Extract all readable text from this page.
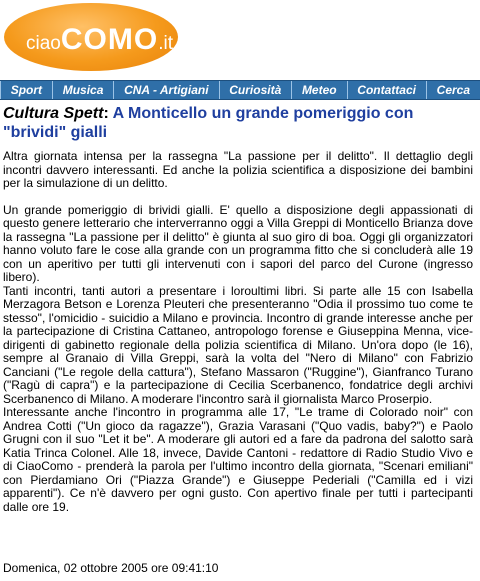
ciaoCOMO.it
Sport	Musica	CNA - Artigiani	Curiosità	Meteo	Contattaci	Cerca
Cultura Spett: A Monticello un grande pomeriggio con "brividi" gialli

Altra giornata intensa per la rassegna "La passione per il delitto". Il dettaglio degli incontri davvero interessanti. Ed anche la polizia scientifica a disposizione dei bambini per la simulazione di un delitto.

Un grande pomeriggio di brividi gialli. E' quello a disposizione degli appassionati di questo genere letterario che interverranno oggi a Villa Greppi di Monticello Brianza dove la rassegna "La passione per il delitto" è giunta al suo giro di boa. Oggi gli organizzatori hanno voluto fare le cose alla grande con un programma fitto che si concluderà alle 19 con un aperitivo per tutti gli intervenuti con i sapori del parco del Curone (ingresso libero).

Tanti incontri, tanti autori a presentare i loroultimi libri. Si parte alle 15 con Isabella Merzagora Betson e Lorenza Pleuteri che presenteranno "Odia il prossimo tuo come te stesso", l'omicidio - suicidio a Milano e provincia. Incontro di grande interesse anche per la partecipazione di Cristina Cattaneo, antropologo forense e Giuseppina Menna, vice-dirigenti di gabinetto regionale della polizia scientifica di Milano. Un'ora dopo (le 16), sempre al Granaio di Villa Greppi, sarà la volta del "Nero di Milano" con Fabrizio Canciani ("Le regole della cattura"), Stefano Massaron ("Ruggine"), Gianfranco Turano ("Ragù di capra") e la partecipazione di Cecilia Scerbanenco, fondatrice degli archivi Scerbanenco di Milano. A moderare l'incontro sarà il giornalista Marco Proserpio.

Interessante anche l'incontro in programma alle 17, "Le trame di Colorado noir" con Andrea Cotti ("Un gioco da ragazze"), Grazia Varasani ("Quo vadis, baby?") e Paolo Grugni con il suo "Let it be". A moderare gli autori ed a fare da padrona del salotto sarà Katia Trinca Colonel. Alle 18, invece, Davide Cantoni - redattore di Radio Studio Vivo e di CiaoComo - prenderà la parola per l'ultimo incontro della giornata, "Scenari emiliani" con Pierdamiano Ori ("Piazza Grande") e Giuseppe Pederiali ("Camilla ed i vizi apparenti"). Ce n'è davvero per ogni gusto. Con apertivo finale per tutti i partecipanti dalle ore 19.

Domenica, 02 ottobre 2005 ore 09:41:10
